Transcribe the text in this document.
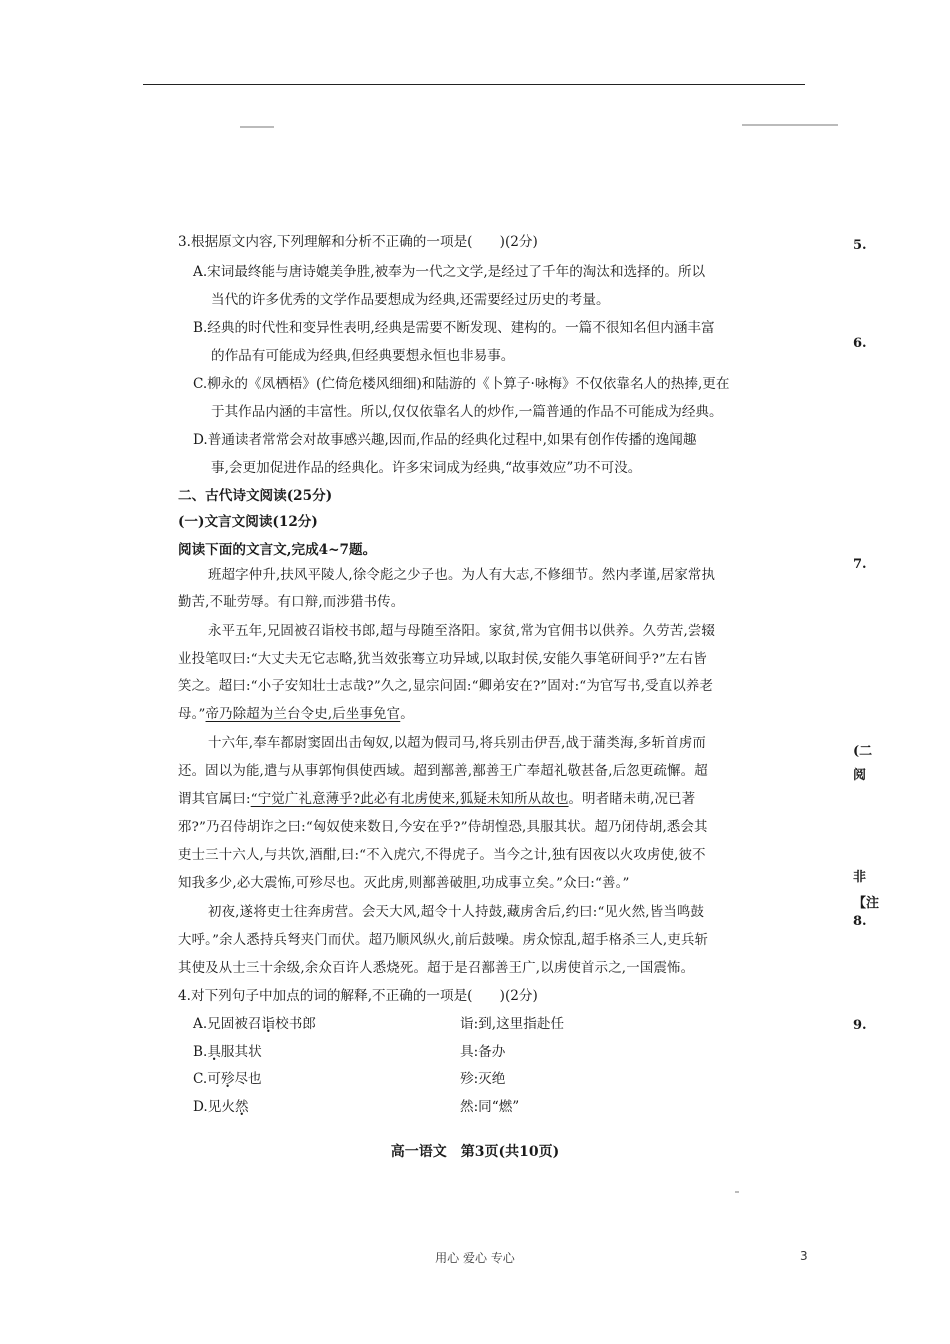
3.根据原文内容,下列理解和分析不正确的一项是(　　)(2分)
A.宋词最终能与唐诗媲美争胜,被奉为一代之文学,是经过了千年的淘汰和选择的。所以
当代的许多优秀的文学作品要想成为经典,还需要经过历史的考量。
B.经典的时代性和变异性表明,经典是需要不断发现、建构的。一篇不很知名但内涵丰富
的作品有可能成为经典,但经典要想永恒也非易事。
C.柳永的《凤栖梧》(伫倚危楼风细细)和陆游的《卜算子·咏梅》不仅依靠名人的热捧,更在
于其作品内涵的丰富性。所以,仅仅依靠名人的炒作,一篇普通的作品不可能成为经典。
D.普通读者常常会对故事感兴趣,因而,作品的经典化过程中,如果有创作传播的逸闻趣
事,会更加促进作品的经典化。许多宋词成为经典,“故事效应”功不可没。
二、古代诗文阅读(25分)
(一)文言文阅读(12分)
阅读下面的文言文,完成4~7题。
班超字仲升,扶风平陵人,徐令彪之少子也。为人有大志,不修细节。然内孝谨,居家常执
勤苦,不耻劳辱。有口辩,而涉猎书传。
永平五年,兄固被召诣校书郎,超与母随至洛阳。家贫,常为官佣书以供养。久劳苦,尝辍
业投笔叹曰:“大丈夫无它志略,犹当效张骞立功异域,以取封侯,安能久事笔研间乎?”左右皆
笑之。超曰:“小子安知壮士志哉?”久之,显宗问固:“卿弟安在?”固对:“为官写书,受直以养老
母。”帝乃除超为兰台令史,后坐事免官。
十六年,奉车都尉窦固出击匈奴,以超为假司马,将兵别击伊吾,战于蒲类海,多斩首虏而
还。固以为能,遣与从事郭恂俱使西域。超到鄯善,鄯善王广奉超礼敬甚备,后忽更疏懈。超
谓其官属曰:“宁觉广礼意薄乎?此必有北虏使来,狐疑未知所从故也。明者睹未萌,况已著
邪?”乃召侍胡诈之曰:“匈奴使来数日,今安在乎?”侍胡惶恐,具服其状。超乃闭侍胡,悉会其
吏士三十六人,与共饮,酒酣,曰:“不入虎穴,不得虎子。当今之计,独有因夜以火攻虏使,彼不
知我多少,必大震怖,可殄尽也。灭此虏,则鄯善破胆,功成事立矣。”众曰:“善。”
初夜,遂将吏士往奔虏营。会天大风,超令十人持鼓,藏虏舍后,约曰:“见火然,皆当鸣鼓
大呼。”余人悉持兵弩夹门而伏。超乃顺风纵火,前后鼓噪。虏众惊乱,超手格杀三人,吏兵斩
其使及从士三十余级,余众百许人悉烧死。超于是召鄯善王广,以虏使首示之,一国震怖。
4.对下列句子中加点的词的解释,不正确的一项是(　　)(2分)
A.兄固被召诣校书郎	诣:到,这里指赴任
B.具服其状	具:备办
C.可殄尽也	殄:灭绝
D.见火然	然:同“燃”
高一语文　第3页(共10页)
用心 爱心 专心	3
5.
6.
7.
(二
阅
非
【注
8.
9.
